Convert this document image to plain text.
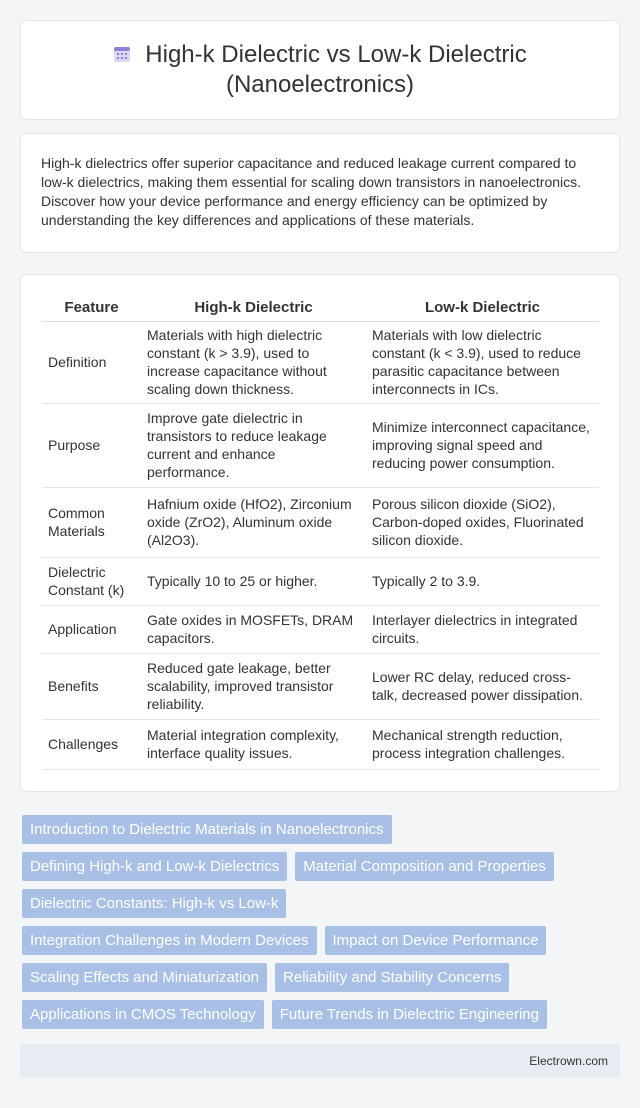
High-k Dielectric vs Low-k Dielectric
(Nanoelectronics)

High-k dielectrics offer superior capacitance and reduced leakage current compared to low-k dielectrics, making them essential for scaling down transistors in nanoelectronics. Discover how your device performance and energy efficiency can be optimized by understanding the key differences and applications of these materials.

Feature	High-k Dielectric	Low-k Dielectric
Definition	Materials with high dielectric constant (k > 3.9), used to increase capacitance without scaling down thickness.	Materials with low dielectric constant (k < 3.9), used to reduce parasitic capacitance between interconnects in ICs.
Purpose	Improve gate dielectric in transistors to reduce leakage current and enhance performance.	Minimize interconnect capacitance, improving signal speed and reducing power consumption.
Common Materials	Hafnium oxide (HfO2), Zirconium oxide (ZrO2), Aluminum oxide (Al2O3).	Porous silicon dioxide (SiO2), Carbon-doped oxides, Fluorinated silicon dioxide.
Dielectric Constant (k)	Typically 10 to 25 or higher.	Typically 2 to 3.9.
Application	Gate oxides in MOSFETs, DRAM capacitors.	Interlayer dielectrics in integrated circuits.
Benefits	Reduced gate leakage, better scalability, improved transistor reliability.	Lower RC delay, reduced cross-talk, decreased power dissipation.
Challenges	Material integration complexity, interface quality issues.	Mechanical strength reduction, process integration challenges.
Introduction to Dielectric Materials in Nanoelectronics
Defining High-k and Low-k Dielectrics	Material Composition and Properties
Dielectric Constants: High-k vs Low-k
Integration Challenges in Modern Devices	Impact on Device Performance
Scaling Effects and Miniaturization	Reliability and Stability Concerns
Applications in CMOS Technology	Future Trends in Dielectric Engineering
Electrown.com
